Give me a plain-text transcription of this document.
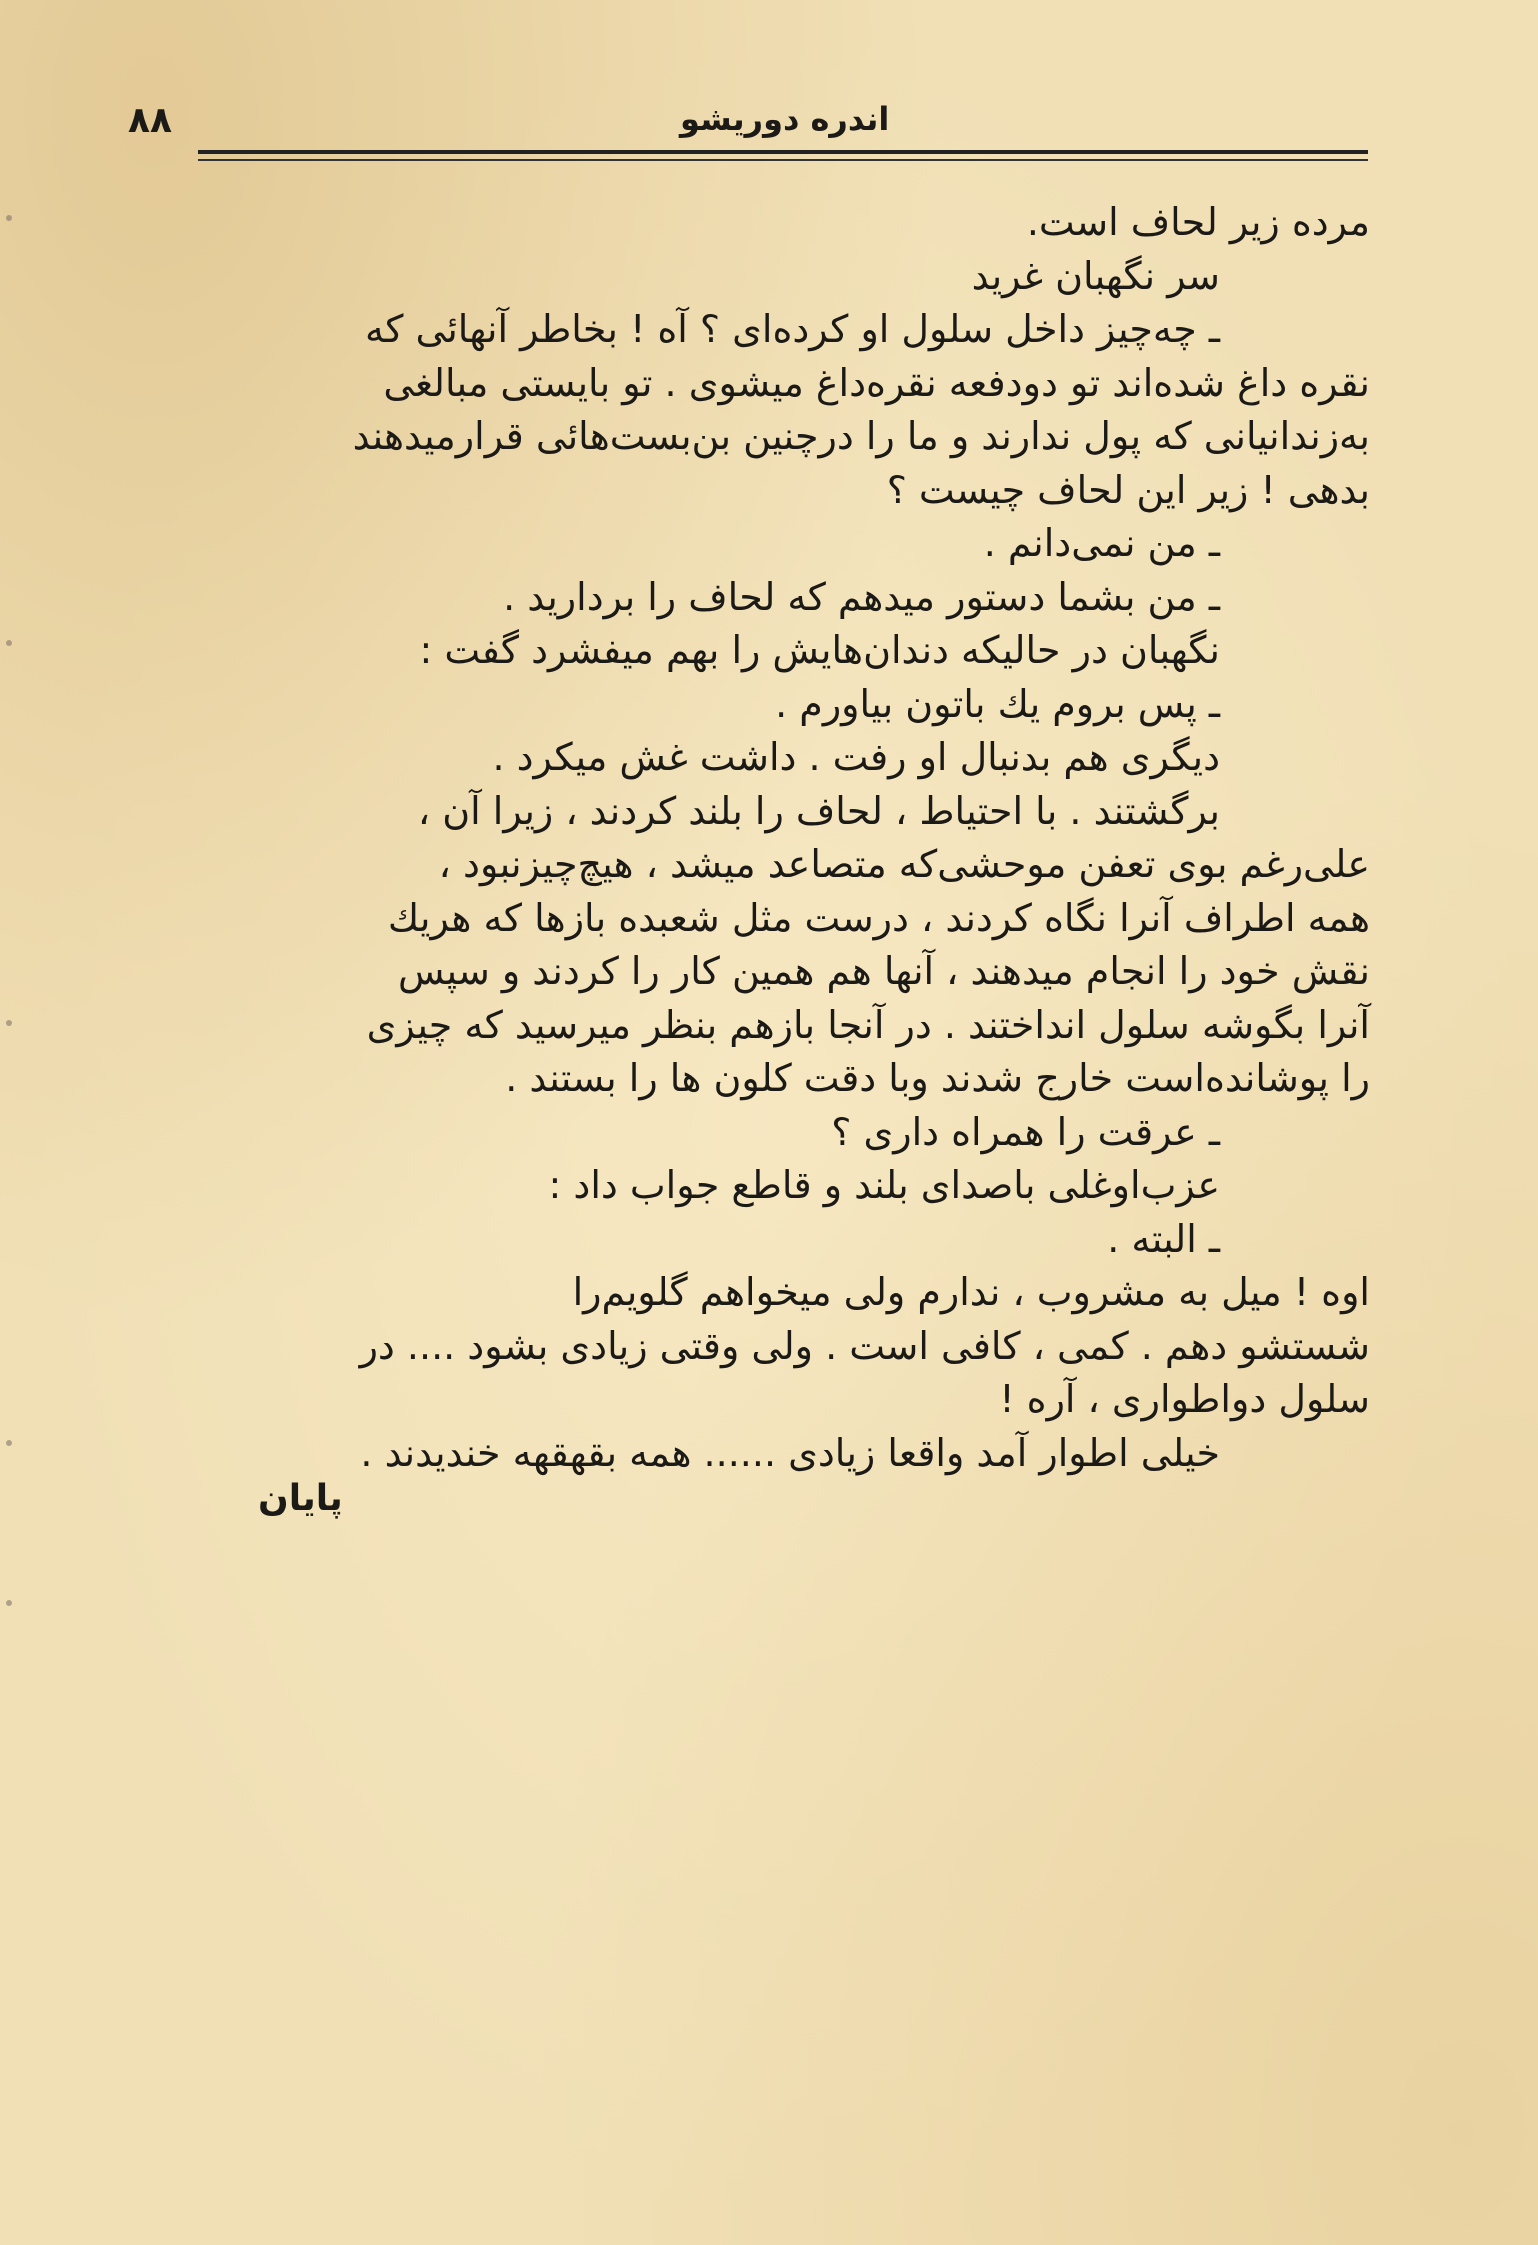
۸۸	اندره دوریشو
مرده زیر لحاف است.
سر نگهبان غرید
ـ چه‌چیز داخل سلول او کرده‌ای ؟ آه ! بخاطر آنهائی که
نقره داغ شده‌اند تو دودفعه نقره‌داغ میشوی . تو بایستی مبالغی
به‌زندانیانی که پول ندارند و ما را درچنین بن‌بست‌هائی قرارمیدهند
بدهی ! زیر این لحاف چیست ؟
ـ من نمی‌دانم .
ـ من بشما دستور میدهم که لحاف را بردارید .
نگهبان در حالیکه دندان‌هایش را بهم میفشرد گفت :
ـ پس بروم یك باتون بیاورم .
دیگری هم بدنبال او رفت . داشت غش میکرد .
برگشتند . با احتیاط ، لحاف را بلند کردند ، زیرا آن ،
علی‌رغم بوی تعفن موحشی‌که متصاعد میشد ، هیچ‌چیزنبود ،
همه اطراف آنرا نگاه کردند ، درست مثل شعبده بازها که هریك
نقش خود را انجام میدهند ، آنها هم همین کار را کردند و سپس
آنرا بگوشه سلول انداختند . در آنجا بازهم بنظر میرسید که چیزی
را پوشانده‌است خارج شدند وبا دقت کلون ها را بستند .
ـ عرقت را همراه داری ؟
عزب‌اوغلی باصدای بلند و قاطع جواب داد :
ـ البته .
اوه ! میل به مشروب ، ندارم ولی میخواهم گلویم‌را
شستشو دهم . کمی ، کافی است . ولی وقتی زیادی بشود .... در
سلول دواطواری ، آره !
خیلی اطوار آمد واقعا زیادی ...... همه بقهقهه خندیدند .
پایان
